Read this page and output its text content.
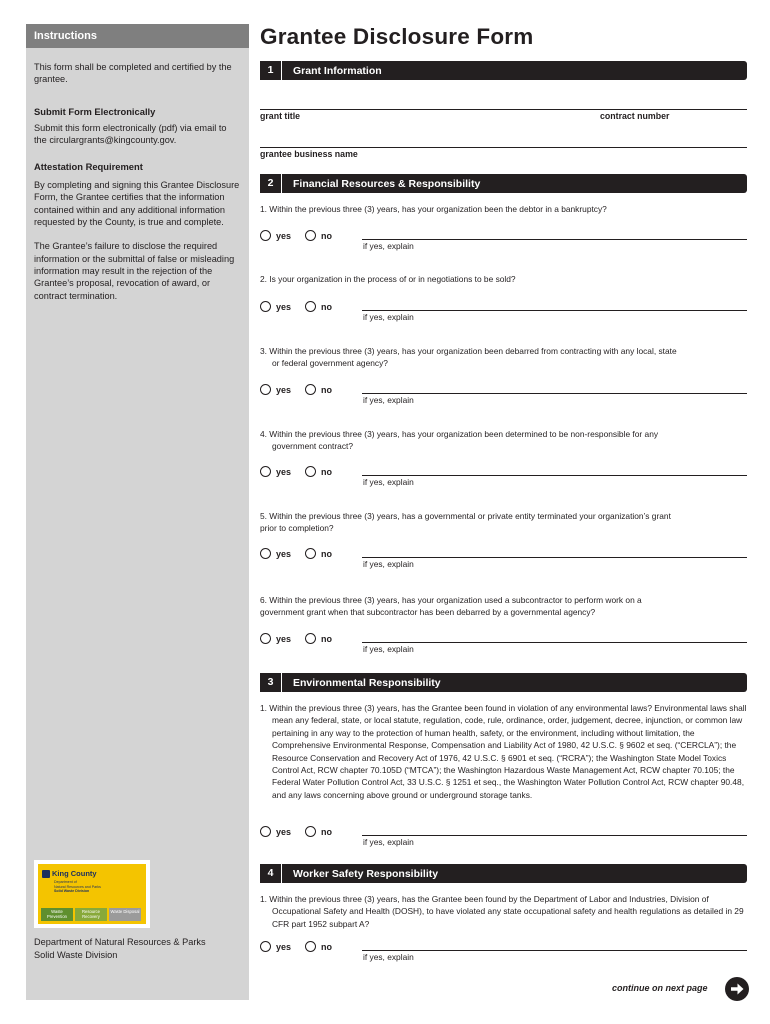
Instructions
This form shall be completed and certified by the grantee.
Submit Form Electronically
Submit this form electronically (pdf) via email to the circulargrants@kingcounty.gov.
Attestation Requirement
By completing and signing this Grantee Disclosure Form, the Grantee certifies that the information contained within and any additional information requested by the County, is true and complete.
The Grantee’s failure to disclose the required information or the submittal of false or misleading information may result in the rejection of the Grantee’s proposal, revocation of award, or contract termination.
King County
Department of
Natural Resources and Parks
Solid Waste Division
Waste Prevention
Resource Recovery
Waste Disposal
Department of Natural Resources & Parks
Solid Waste Division
Grantee Disclosure Form
1	Grant Information
grant title	contract number
grantee business name
2	Financial Resources & Responsibility
1. Within the previous three (3) years, has your organization been the debtor in a bankruptcy?
yes	no
if yes, explain
2. Is your organization in the process of or in negotiations to be sold?
yes	no
if yes, explain
3. Within the previous three (3) years, has your organization been debarred from contracting with any local, state
or federal government agency?
yes	no
if yes, explain
4. Within the previous three (3) years, has your organization been determined to be non-responsible for any
government contract?
yes	no
if yes, explain
5. Within the previous three (3) years, has a governmental or private entity terminated your organization’s grant
prior to completion?
yes	no
if yes, explain
6. Within the previous three (3) years, has your organization used a subcontractor to perform work on a
government grant when that subcontractor has been debarred by a governmental agency?
yes	no
if yes, explain
3	Environmental Responsibility
1. Within the previous three (3) years, has the Grantee been found in violation of any environmental laws? Environmental laws shall mean any federal, state, or local statute, regulation, code, rule, ordinance, order, judgement, decree, injunction, or common law pertaining in any way to the protection of human health, safety, or the environment, including without limitation, the Comprehensive Environmental Response, Compensation and Liability Act of 1980, 42 U.S.C. § 9602 et seq. (“CERCLA”); the Resource Conservation and Recovery Act of 1976, 42 U.S.C. § 6901 et seq. (“RCRA”); the Washington State Model Toxics Control Act, RCW chapter 70.105D (“MTCA”); the Washington Hazardous Waste Management Act, RCW chapter 70.105; the Federal Water Pollution Control Act, 33 U.S.C. § 1251 et seq., the Washington Water Pollution Control Act, RCW chapter 90.48, and any laws concerning above ground or underground storage tanks.
yes	no
if yes, explain
4	Worker Safety Responsibility
1. Within the previous three (3) years, has the Grantee been found by the Department of Labor and Industries, Division of Occupational Safety and Health (DOSH), to have violated any state occupational safety and health regulations as detailed in 29 CFR part 1952 subpart A?
yes	no
if yes, explain
continue on next page
